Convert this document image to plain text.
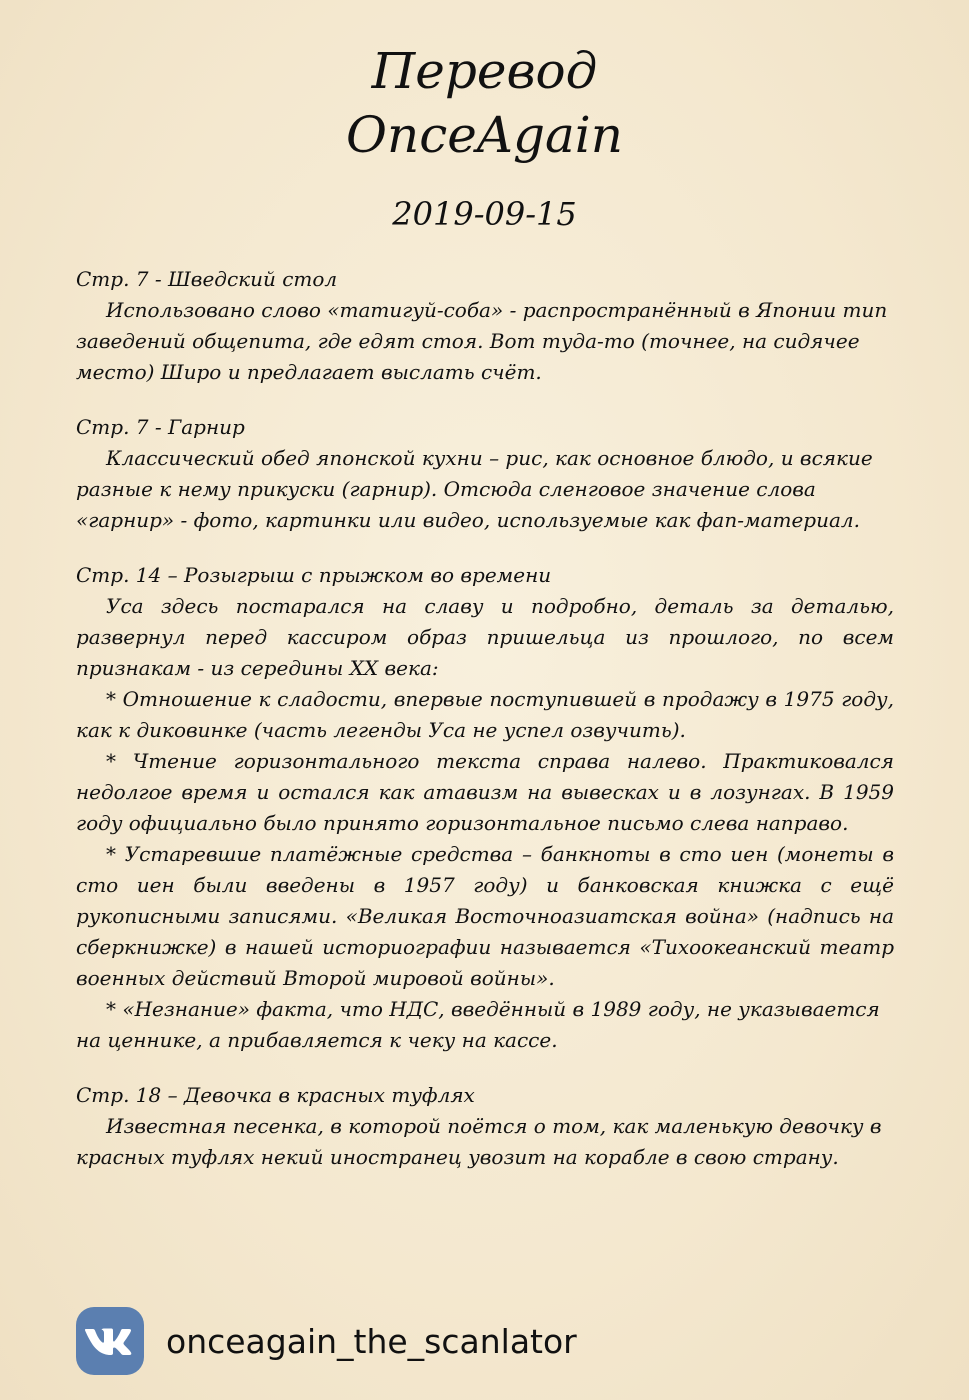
Перевод
OnceAgain
2019-09-15
Стр. 7 - Шведский стол

Использовано слово «татигуй-соба» - распространённый в Японии тип заведений общепита, где едят стоя. Вот туда-то (точнее, на сидячее место) Широ и предлагает выслать счёт.

Стр. 7 - Гарнир

Классический обед японской кухни – рис, как основное блюдо, и всякие разные к нему прикуски (гарнир). Отсюда сленговое значение слова «гарнир» - фото, картинки или видео, используемые как фап-материал.

Стр. 14 – Розыгрыш с прыжком во времени

Уса здесь постарался на славу и подробно, деталь за деталью, развернул перед кассиром образ пришельца из прошлого, по всем признакам - из середины XX века:

* Отношение к сладости, впервые поступившей в продажу в 1975 году, как к диковинке (часть легенды Уса не успел озвучить).

* Чтение горизонтального текста справа налево. Практиковался недолгое время и остался как атавизм на вывесках и в лозунгах. В 1959 году официально было принято горизонтальное письмо слева направо.

* Устаревшие платёжные средства – банкноты в сто иен (монеты в сто иен были введены в 1957 году) и банковская книжка с ещё рукописными записями. «Великая Восточноазиатская война» (надпись на сберкнижке) в нашей историографии называется «Тихоокеанский театр военных действий Второй мировой войны».

* «Незнание» факта, что НДС, введённый в 1989 году, не указывается на ценнике, а прибавляется к чеку на кассе.

Стр. 18 – Девочка в красных туфлях

Известная песенка, в которой поётся о том, как маленькую девочку в красных туфлях некий иностранец увозит на корабле в свою страну.

onceagain_the_scanlator
